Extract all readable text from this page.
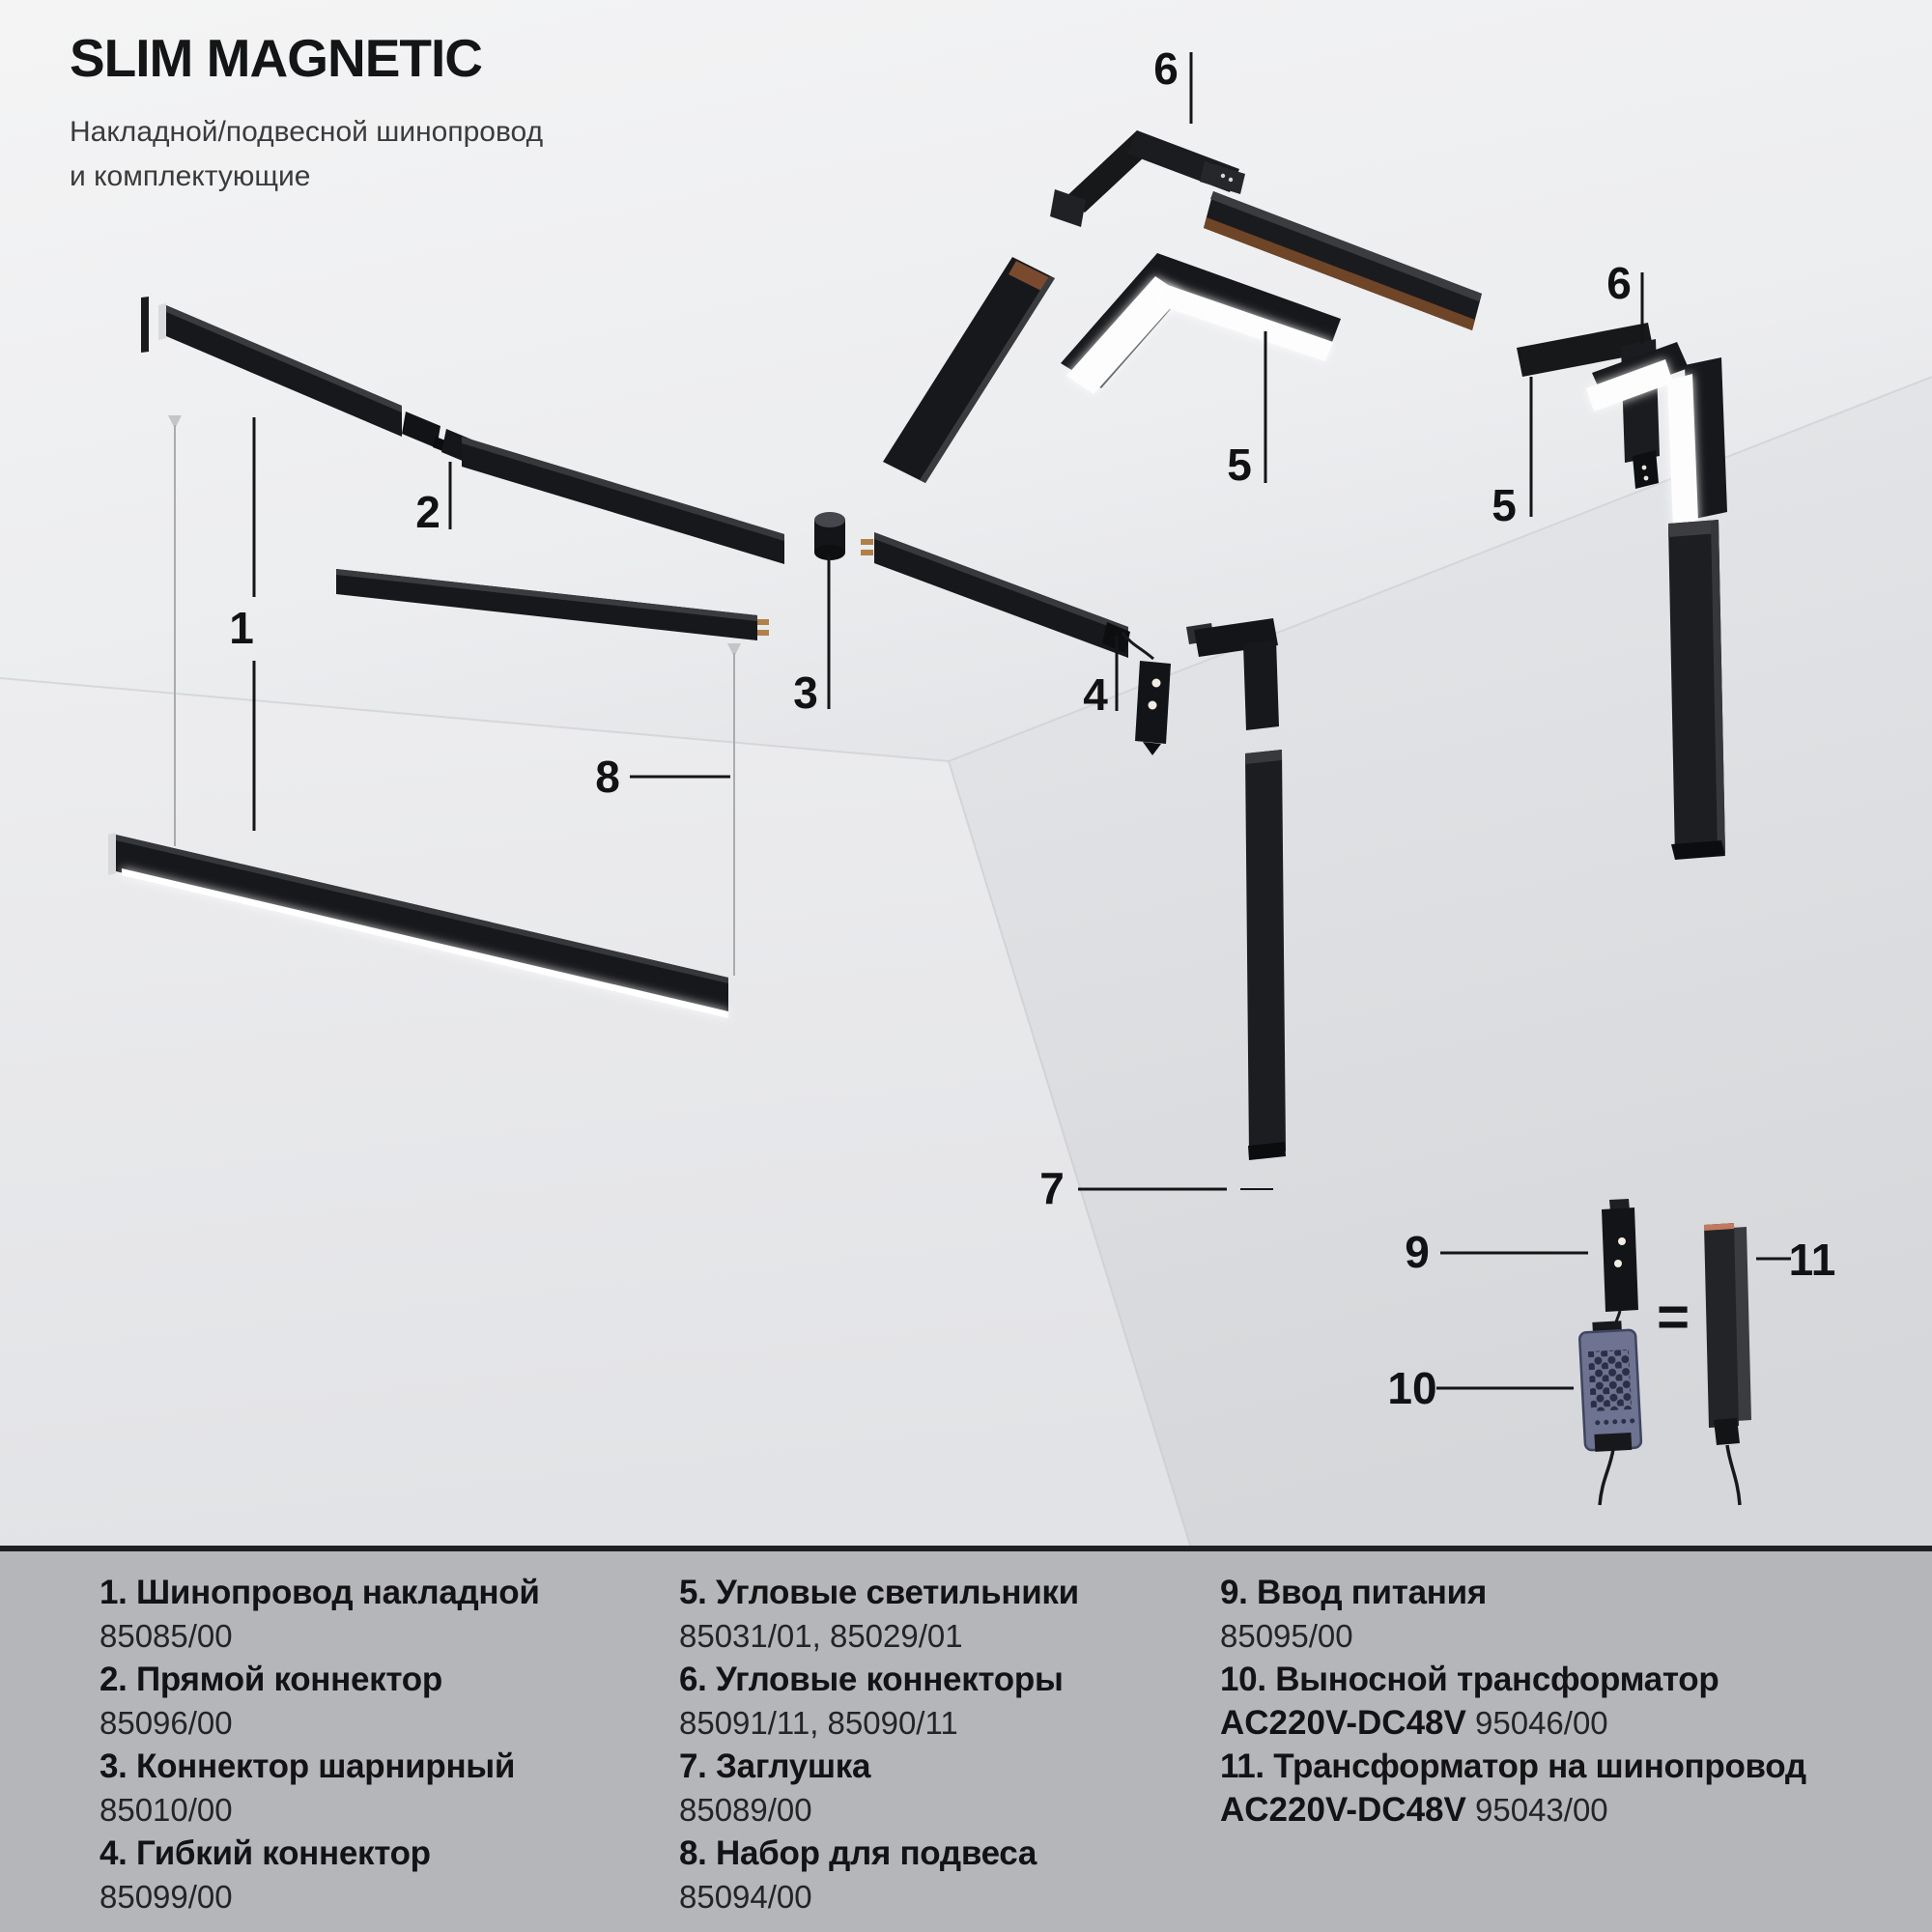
1
2
3	4
5
5
6
6
7
8
9
10
11
=
SLIM MAGNETIC
Накладной/подвесной шинопровод
и комплектующие
1. Шинопровод накладной
85085/00
2. Прямой коннектор
85096/00
3. Коннектор шарнирный
85010/00
4. Гибкий коннектор
85099/00
5. Угловые светильники
85031/01, 85029/01
6. Угловые коннекторы
85091/11, 85090/11
7. Заглушка
85089/00
8. Набор для подвеса
85094/00
9. Ввод питания
85095/00
10. Выносной трансформатор
AC220V-DC48V 95046/00
11. Трансформатор на шинопровод
AC220V-DC48V 95043/00
